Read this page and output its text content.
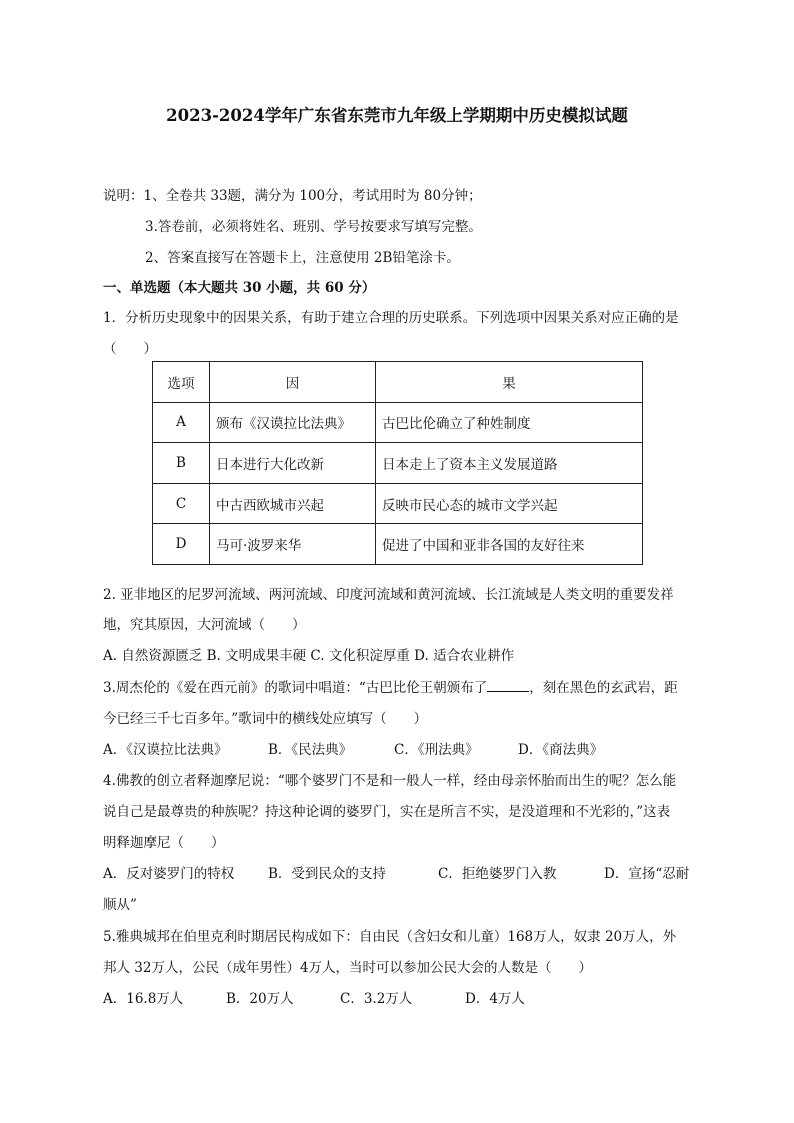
2023-2024学年广东省东莞市九年级上学期期中历史模拟试题
说明：1、全卷共 33题，满分为 100分，考试用时为 80分钟；
3.答卷前，必须将姓名、班别、学号按要求写填写完整。
2、答案直接写在答题卡上，注意使用 2B铅笔涂卡。
一、单选题（本大题共 30 小题，共 60 分）
1．分析历史现象中的因果关系，有助于建立合理的历史联系。下列选项中因果关系对应正确的是
（　　）
选项	因	果
A	颁布《汉谟拉比法典》	古巴比伦确立了种姓制度
B	日本进行大化改新	日本走上了资本主义发展道路
C	中古西欧城市兴起	反映市民心态的城市文学兴起
D	马可·波罗来华	促进了中国和亚非各国的友好往来
2. 亚非地区的尼罗河流域、两河流域、印度河流域和黄河流域、长江流域是人类文明的重要发祥
地，究其原因，大河流域（　　）
A. 自然资源匮乏 B. 文明成果丰硬 C. 文化积淀厚重 D. 适合农业耕作
3.周杰伦的《爱在西元前》的歌词中唱道：“古巴比伦王朝颁布了	，刻在黑色的玄武岩，距
今已经三千七百多年。”歌词中的横线处应填写（　　）
A．《汉谟拉比法典》	B．《民法典》	C．《刑法典》	D．《商法典》
4.佛教的创立者释迦摩尼说：“哪个婆罗门不是和一般人一样，经由母亲怀胎而出生的呢？怎么能
说自己是最尊贵的种族呢？持这种论调的婆罗门，实在是所言不实，是没道理和不光彩的，”这表
明释迦摩尼（　　）
A．反对婆罗门的特权	B．受到民众的支持	C．拒绝婆罗门入教	D．宣扬“忍耐
顺从”
5.雅典城邦在伯里克利时期居民构成如下：自由民（含妇女和儿童）168万人，奴隶 20万人，外
邦人 32万人，公民（成年男性）4万人，当时可以参加公民大会的人数是（　　）
A．16.8万人	B．20万人	C．3.2万人	D．4万人
